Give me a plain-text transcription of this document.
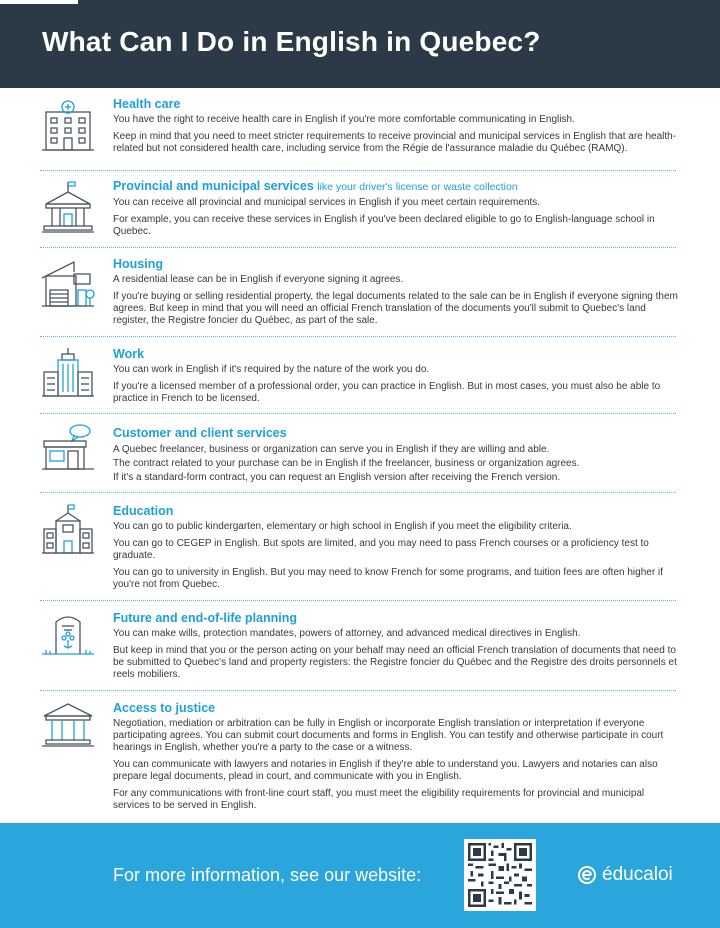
What Can I Do in English in Quebec?
Health care

You have the right to receive health care in English if you're more comfortable communicating in English.

Keep in mind that you need to meet stricter requirements to receive provincial and municipal services in English that are health-related but not considered health care, including service from the Régie de l'assurance maladie du Québec (RAMQ).

Provincial and municipal services like your driver's license or waste collection

You can receive all provincial and municipal services in English if you meet certain requirements.

For example, you can receive these services in English if you've been declared eligible to go to English-language school in Quebec.

Housing

A residential lease can be in English if everyone signing it agrees.

If you're buying or selling residential property, the legal documents related to the sale can be in English if everyone signing them agrees. But keep in mind that you will need an official French translation of the documents you'll submit to Quebec's land register, the Registre foncier du Québec, as part of the sale.

Work

You can work in English if it's required by the nature of the work you do.

If you're a licensed member of a professional order, you can practice in English. But in most cases, you must also be able to practice in French to be licensed.

Customer and client services

A Quebec freelancer, business or organization can serve you in English if they are willing and able.
The contract related to your purchase can be in English if the freelancer, business or organization agrees.
If it's a standard-form contract, you can request an English version after receiving the French version.

Education

You can go to public kindergarten, elementary or high school in English if you meet the eligibility criteria.

You can go to CEGEP in English. But spots are limited, and you may need to pass French courses or a proficiency test to graduate.

You can go to university in English. But you may need to know French for some programs, and tuition fees are often higher if you're not from Quebec.

Future and end-of-life planning

You can make wills, protection mandates, powers of attorney, and advanced medical directives in English.

But keep in mind that you or the person acting on your behalf may need an official French translation of documents that need to be submitted to Quebec's land and property registers: the Registre foncier du Québec and the Registre des droits personnels et reels mobiliers.

Access to justice

Negotiation, mediation or arbitration can be fully in English or incorporate English translation or interpretation if everyone participating agrees. You can submit court documents and forms in English. You can testify and otherwise participate in court hearings in English, whether you're a party to the case or a witness.

You can communicate with lawyers and notaries in English if they're able to understand you. Lawyers and notaries can also prepare legal documents, plead in court, and communicate with you in English.

For any communications with front-line court staff, you must meet the eligibility requirements for provincial and municipal services to be served in English.

For more information, see our website:	éducaloi
